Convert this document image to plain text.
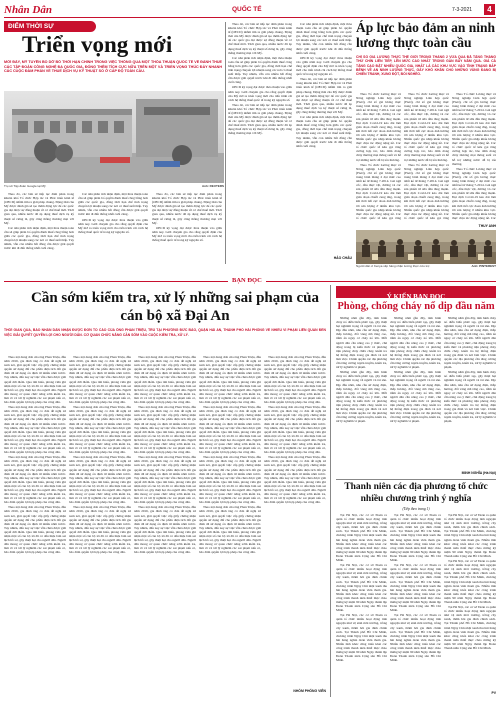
Nhân Dân	QUỐC TẾ	7-3-2021	4
ĐIỂM THỜI SỰ
Triển vọng mới
MỚI ĐÂY, MỸ TUYÊN BỐ DỠ BỎ THỜI HẠN CHÍNH TRONG VIỆC THÔNG QUA MỘT THỎA THUẬN QUỐC TẾ VỀ ĐÁNH THUẾ CÁC TẬP ĐOÀN CÔNG NGHỆ ĐA QUỐC GIA, ĐÓNG THÊM TÍCH CỰC NỮA TRÊN MỘT VÀ TRIỂN VỌNG THÚC ĐẨY NHANH CÁC CUỘC ĐÀM PHÁN VỀ THUẾ DỊCH VỤ KỸ THUẬT SỐ Ở CẤP ĐỘ TOÀN CẦU.
Trụ sở Tập đoàn Google tại Mỹ.	Ảnh: REUTERS

Theo đó, các bên sẽ tiếp tục đàm phán trong khuôn khổ Tổ chức Hợp tác và Phát triển kinh tế (OECD) nhằm tìm ra giải pháp chung. Động thái của Mỹ được đánh giá sẽ tạo thêm động lực để các quốc gia đạt được sự đồng thuận về cơ chế thuế mới. Thời gian qua, nhiều nước đã áp dụng thuế dịch vụ kỹ thuật số riêng lẻ, gây căng thẳng thương mại với Mỹ.

Các nhà phân tích nhận định, một thỏa thuận toàn cầu sẽ giúp phân bổ quyền đánh thuế công bằng hơn giữa các quốc gia, đồng thời hạn chế tình trạng chuyển lợi nhuận sang các nơi có thuế suất thấp. Tuy nhiên, vẫn còn nhiều bất đồng cần được giải quyết trước khi đi đến thống nhất cuối cùng.

Các nhà phân tích nhận định, một thỏa thuận toàn cầu sẽ giúp phân bổ quyền đánh thuế công bằng hơn giữa các quốc gia, đồng thời hạn chế tình trạng chuyển lợi nhuận sang các nơi có thuế suất thấp. Tuy nhiên, vẫn còn nhiều bất đồng cần được giải quyết trước khi đi đến thống nhất cuối cùng.

OECD kỳ vọng đạt được thỏa thuận vào giữa năm nay. Giới chuyên gia cho rằng quyết định của Mỹ mở ra triển vọng mới cho tiến trình cải cách hệ thống thuế quốc tế trong kỷ nguyên số.

Theo đó, các bên sẽ tiếp tục đàm phán trong khuôn khổ Tổ chức Hợp tác và Phát triển kinh tế (OECD) nhằm tìm ra giải pháp chung. Động thái của Mỹ được đánh giá sẽ tạo thêm động lực để các quốc gia đạt được sự đồng thuận về cơ chế thuế mới. Thời gian qua, nhiều nước đã áp dụng thuế dịch vụ kỹ thuật số riêng lẻ, gây căng thẳng thương mại với Mỹ.

OECD kỳ vọng đạt được thỏa thuận vào giữa năm nay. Giới chuyên gia cho rằng quyết định của Mỹ mở ra triển vọng mới cho tiến trình cải cách hệ thống thuế quốc tế trong kỷ nguyên số.

Theo đó, các bên sẽ tiếp tục đàm phán trong khuôn khổ Tổ chức Hợp tác và Phát triển kinh tế (OECD) nhằm tìm ra giải pháp chung. Động thái của Mỹ được đánh giá sẽ tạo thêm động lực để các quốc gia đạt được sự đồng thuận về cơ chế thuế mới. Thời gian qua, nhiều nước đã áp dụng thuế dịch vụ kỹ thuật số riêng lẻ, gây căng thẳng thương mại với Mỹ.

Các nhà phân tích nhận định, một thỏa thuận toàn cầu sẽ giúp phân bổ quyền đánh thuế công bằng hơn giữa các quốc gia, đồng thời hạn chế tình trạng chuyển lợi nhuận sang các nơi có thuế suất thấp. Tuy nhiên, vẫn còn nhiều bất đồng cần được giải quyết trước khi đi đến thống nhất cuối cùng.

OECD kỳ vọng đạt được thỏa thuận vào giữa năm nay. Giới chuyên gia cho rằng quyết định của Mỹ mở ra triển vọng mới cho tiến trình cải cách hệ thống thuế quốc tế trong kỷ nguyên số.

Theo đó, các bên sẽ tiếp tục đàm phán trong khuôn khổ Tổ chức Hợp tác và Phát triển kinh tế (OECD) nhằm tìm ra giải pháp chung. Động thái của Mỹ được đánh giá sẽ tạo thêm động lực để các quốc gia đạt được sự đồng thuận về cơ chế thuế mới. Thời gian qua, nhiều nước đã áp dụng thuế dịch vụ kỹ thuật số riêng lẻ, gây căng thẳng thương mại với Mỹ.

Các nhà phân tích nhận định, một thỏa thuận toàn cầu sẽ giúp phân bổ quyền đánh thuế công bằng hơn giữa các quốc gia, đồng thời hạn chế tình trạng chuyển lợi nhuận sang các nơi có thuế suất thấp. Tuy nhiên, vẫn còn nhiều bất đồng cần được giải quyết trước khi đi đến thống nhất cuối cùng.

OECD kỳ vọng đạt được thỏa thuận vào giữa năm nay. Giới chuyên gia cho rằng quyết định của Mỹ mở ra triển vọng mới cho tiến trình cải cách hệ thống thuế quốc tế trong kỷ nguyên số.

Theo đó, các bên sẽ tiếp tục đàm phán trong khuôn khổ Tổ chức Hợp tác và Phát triển kinh tế (OECD) nhằm tìm ra giải pháp chung. Động thái của Mỹ được đánh giá sẽ tạo thêm động lực để các quốc gia đạt được sự đồng thuận về cơ chế thuế mới. Thời gian qua, nhiều nước đã áp dụng thuế dịch vụ kỹ thuật số riêng lẻ, gây căng thẳng thương mại với Mỹ.

Các nhà phân tích nhận định, một thỏa thuận toàn cầu sẽ giúp phân bổ quyền đánh thuế công bằng hơn giữa các quốc gia, đồng thời hạn chế tình trạng chuyển lợi nhuận sang các nơi có thuế suất thấp. Tuy nhiên, vẫn còn nhiều bất đồng cần được giải quyết trước khi đi đến thống nhất cuối cùng.

HẢO CHÂU
Áp lực bảo đảm an ninh lương thực toàn cầu
CHỈ SỐ GIÁ LƯƠNG THỰC THẾ GIỚI TRONG THÁNG 2 VỪA QUA ĐÃ TĂNG THÁNG THỨ CHÍN LIÊN TIẾP, LÊN MỨC CAO NHẤT TRONG GẦN BẢY NĂM QUA. GIÁ CẢ TĂNG CAO ĐẶT NHIỀU QUỐC GIA, NHẤT LÀ CÁC KHU VỰC VÀO TÌNH TRẠNG BẤP BÊNH VỀ AN NINH LƯƠNG THỰC, GÂY KHÓ KHĂN CHO NHỮNG VÙNG ĐANG BỊ CHIẾN TRANH, XUNG ĐỘT, BỐI NGHÈO.

Theo Tổ chức Lương thực và Nông nghiệp Liên hợp quốc (FAO), chỉ số giá lương thực trung bình tháng 2 đạt mức cao nhất kể từ tháng 7-2014. Giá ngũ cốc, dầu thực vật, đường và các sản phẩm từ sữa đều tăng mạnh. Đại dịch Covid-19 kéo dài làm gián đoạn chuỗi cung ứng, trong khi thời tiết cực đoan ảnh hưởng tới sản lượng ở nhiều khu vực. Nhiều quốc gia nhập khẩu lương thực chịu tác động nặng nề. Các tổ chức quốc tế kêu gọi tăng cường hợp tác, bảo đảm dòng chảy thương mại thông suốt và hỗ trợ những nước dễ bị tổn thương.

Theo Tổ chức Lương thực và Nông nghiệp Liên hợp quốc (FAO), chỉ số giá lương thực trung bình tháng 2 đạt mức cao nhất kể từ tháng 7-2014. Giá ngũ cốc, dầu thực vật, đường và các sản phẩm từ sữa đều tăng mạnh. Đại dịch Covid-19 kéo dài làm gián đoạn chuỗi cung ứng, trong khi thời tiết cực đoan ảnh hưởng tới sản lượng ở nhiều khu vực. Nhiều quốc gia nhập khẩu lương thực chịu tác động nặng nề. Các tổ chức quốc tế kêu gọi tăng

Theo Tổ chức Lương thực và Nông nghiệp Liên hợp quốc (FAO), chỉ số giá lương thực trung bình tháng 2 đạt mức cao nhất kể từ tháng 7-2014. Giá ngũ cốc, dầu thực vật, đường và các sản phẩm từ sữa đều tăng mạnh. Đại dịch Covid-19 kéo dài làm gián đoạn chuỗi cung ứng, trong khi thời tiết cực đoan ảnh hưởng tới sản lượng ở nhiều khu vực. Nhiều quốc gia nhập khẩu lương thực chịu tác động nặng nề. Các tổ chức quốc tế kêu gọi tăng cường hợp tác, bảo đảm dòng chảy thương mại thông suốt và hỗ trợ những nước dễ bị tổn thương.

Theo Tổ chức Lương thực và Nông nghiệp Liên hợp quốc (FAO), chỉ số giá lương thực trung bình tháng 2 đạt mức cao nhất kể từ tháng 7-2014. Giá ngũ cốc, dầu thực vật, đường và các sản phẩm từ sữa đều tăng mạnh. Đại dịch Covid-19 kéo dài làm gián đoạn chuỗi cung ứng, trong khi thời tiết cực đoan ảnh hưởng tới sản lượng ở nhiều khu vực. Nhiều quốc gia nhập khẩu lương thực chịu tác động nặng nề. Các tổ chức quốc tế kêu gọi tăng

Theo Tổ chức Lương thực và Nông nghiệp Liên hợp quốc (FAO), chỉ số giá lương thực trung bình tháng 2 đạt mức cao nhất kể từ tháng 7-2014. Giá ngũ cốc, dầu thực vật, đường và các sản phẩm từ sữa đều tăng mạnh. Đại dịch Covid-19 kéo dài làm gián đoạn chuỗi cung ứng, trong khi thời tiết cực đoan ảnh hưởng tới sản lượng ở nhiều khu vực. Nhiều quốc gia nhập khẩu lương thực chịu tác động nặng nề. Các tổ chức quốc tế kêu gọi tăng cường hợp tác, bảo đảm dòng chảy thương mại thông suốt và hỗ trợ những nước dễ bị tổn thương.

Theo Tổ chức Lương thực và Nông nghiệp Liên hợp quốc (FAO), chỉ số giá lương thực trung bình tháng 2 đạt mức cao nhất kể từ tháng 7-2014. Giá ngũ cốc, dầu thực vật, đường và các sản phẩm từ sữa đều tăng mạnh. Đại dịch Covid-19 kéo dài làm gián đoạn chuỗi cung ứng, trong khi thời tiết cực đoan ảnh hưởng tới sản lượng ở nhiều khu vực. Nhiều quốc gia nhập khẩu lương thực chịu tác động nặng nề. Các

THUY ANH
Người dân ở Kenya xếp hàng nhận lương thực cứu trợ.	Ảnh: PINTEREST
BẠN ĐỌC
Cần sớm kiểm tra, xử lý những sai phạm của cán bộ xã Đại An
THỜI GIAN QUA, BÁO NHÂN DÂN NHẬN ĐƯỢC ĐƠN TỐ CÁO CỦA ÔNG PHAN TRIỆU, TRÚ TẠI PHƯỜNG ĐỨC BẢO, QUẬN HẢI AN, THÀNH PHỐ HẢI PHÒNG VỀ NHIỀU VI PHẠM LIÊN QUAN ĐẾN VIỆC GIẢI QUYẾT QUYỀN LỢI CHO NGƯỜI DÂN. CƠ QUAN CHỨC NĂNG CẦN SỚM VÀO CUỘC KIỂM TRA, XỬ LÝ.

Theo nội dung đơn của ông Phan Triệu, đầu năm 2016, gia đình ông có đơn đề nghị xã xem xét, giải quyết việc cấp giấy chứng nhận quyền sử dụng đất cho phần diện tích đất gia đình đã sử dụng ổn định từ nhiều năm trước. Tuy nhiên, đến nay sự việc vẫn chưa được giải quyết dứt điểm. Qua tìm hiểu, phóng viên ghi nhận một số cán bộ xã đã có dấu hiệu làm sai lệch hồ sơ, gây thiệt hại cho người dân. Người dân mong cơ quan chức năng sớm kiểm tra, làm rõ và xử lý nghiêm các sai phạm nếu có, bảo đảm quyền lợi hợp pháp của công dân.

Theo nội dung đơn của ông Phan Triệu, đầu năm 2016, gia đình ông có đơn đề nghị xã xem xét, giải quyết việc cấp giấy chứng nhận quyền sử dụng đất cho phần diện tích đất gia đình đã sử dụng ổn định từ nhiều năm trước. Tuy nhiên, đến nay sự việc vẫn chưa được giải quyết dứt điểm. Qua tìm hiểu, phóng viên ghi nhận một số cán bộ xã đã có dấu hiệu làm sai lệch hồ sơ, gây thiệt hại cho người dân. Người dân mong cơ quan chức năng sớm kiểm tra, làm rõ và xử lý nghiêm các sai phạm nếu có, bảo đảm quyền lợi hợp pháp của công dân.

Theo nội dung đơn của ông Phan Triệu, đầu năm 2016, gia đình ông có đơn đề nghị xã xem xét, giải quyết việc cấp giấy chứng nhận quyền sử dụng đất cho phần diện tích đất gia đình đã sử dụng ổn định từ nhiều năm trước. Tuy nhiên, đến nay sự việc vẫn chưa được giải quyết dứt điểm. Qua tìm hiểu, phóng viên ghi nhận một số cán bộ xã đã có dấu hiệu làm sai lệch hồ sơ, gây thiệt hại cho người dân. Người dân mong cơ quan chức năng sớm kiểm tra, làm rõ và xử lý nghiêm các sai phạm nếu có, bảo đảm quyền lợi hợp pháp của công dân.

Theo nội dung đơn của ông Phan Triệu, đầu năm 2016, gia đình ông có đơn đề nghị xã xem xét, giải quyết việc cấp giấy chứng nhận quyền sử dụng đất cho phần diện tích đất gia đình đã sử dụng ổn định từ nhiều năm trước. Tuy nhiên, đến nay sự việc vẫn chưa được giải quyết dứt điểm. Qua tìm hiểu, phóng viên ghi nhận một số cán bộ xã đã có dấu hiệu làm sai lệch hồ sơ, gây thiệt hại cho người dân. Người dân mong cơ quan chức năng sớm kiểm tra, làm rõ và xử lý nghiêm các sai phạm nếu có, bảo đảm quyền lợi hợp pháp của công dân.

Theo nội dung đơn của ông Phan Triệu, đầu năm 2016, gia đình ông có đơn đề nghị xã xem xét, giải quyết việc cấp giấy chứng nhận quyền sử dụng đất cho phần diện tích đất gia đình đã sử dụng ổn định từ nhiều năm trước. Tuy nhiên, đến nay sự việc vẫn chưa được giải quyết dứt điểm. Qua tìm hiểu, phóng viên ghi nhận một số cán bộ xã đã có dấu hiệu làm sai lệch hồ sơ, gây thiệt hại cho người dân. Người dân mong cơ quan chức năng sớm kiểm tra, làm rõ và xử lý nghiêm các sai phạm nếu có, bảo đảm quyền lợi hợp pháp của công dân.

Theo nội dung đơn của ông Phan Triệu, đầu năm 2016, gia đình ông có đơn đề nghị xã xem xét, giải quyết việc cấp giấy chứng nhận quyền sử dụng đất cho phần diện tích đất gia đình đã sử dụng ổn định từ nhiều năm trước. Tuy nhiên, đến nay sự việc vẫn chưa được giải quyết dứt điểm. Qua tìm hiểu, phóng viên ghi nhận một số cán bộ xã đã có dấu hiệu làm sai lệch hồ sơ, gây thiệt hại cho người dân. Người dân mong cơ quan chức năng sớm kiểm tra, làm rõ và xử lý nghiêm các sai phạm nếu có, bảo đảm quyền lợi hợp pháp của công dân.

Theo nội dung đơn của ông Phan Triệu, đầu năm 2016, gia đình ông có đơn đề nghị xã xem xét, giải quyết việc cấp giấy chứng nhận quyền sử dụng đất cho phần diện tích đất gia đình đã sử dụng ổn định từ nhiều năm trước. Tuy nhiên, đến nay sự việc vẫn chưa được giải quyết dứt điểm. Qua tìm hiểu, phóng viên ghi nhận một số cán bộ xã đã có dấu hiệu làm sai lệch hồ sơ, gây thiệt hại cho người dân. Người dân mong cơ quan chức năng sớm kiểm tra, làm rõ và xử lý nghiêm các sai phạm nếu có, bảo đảm quyền lợi hợp pháp của công dân.

Theo nội dung đơn của ông Phan Triệu, đầu năm 2016, gia đình ông có đơn đề nghị xã xem xét, giải quyết việc cấp giấy chứng nhận quyền sử dụng đất cho phần diện tích đất gia đình đã sử dụng ổn định từ nhiều năm trước. Tuy nhiên, đến nay sự việc vẫn chưa được giải quyết dứt điểm. Qua tìm hiểu, phóng viên ghi nhận một số cán bộ xã đã có dấu hiệu làm sai lệch hồ sơ, gây thiệt hại cho người dân. Người dân mong cơ quan chức năng sớm kiểm tra, làm rõ và xử lý nghiêm các sai phạm nếu có, bảo đảm quyền lợi hợp pháp của công dân.

Theo nội dung đơn của ông Phan Triệu, đầu năm 2016, gia đình ông có đơn đề nghị xã xem xét, giải quyết việc cấp giấy chứng nhận quyền sử dụng đất cho phần diện tích đất gia đình đã sử dụng ổn định từ nhiều năm trước. Tuy nhiên, đến nay sự việc vẫn chưa được giải quyết dứt điểm. Qua tìm hiểu, phóng viên ghi nhận một số cán bộ xã đã có dấu hiệu làm sai lệch hồ sơ, gây thiệt hại cho người dân. Người dân mong cơ quan chức năng sớm kiểm tra, làm rõ và xử lý nghiêm các sai phạm nếu có, bảo đảm quyền lợi hợp pháp của công dân.

Theo nội dung đơn của ông Phan Triệu, đầu năm 2016, gia đình ông có đơn đề nghị xã xem xét, giải quyết việc cấp giấy chứng nhận quyền sử dụng đất cho phần diện tích đất gia đình đã sử dụng ổn định từ nhiều năm trước. Tuy nhiên, đến nay sự việc vẫn chưa được giải quyết dứt điểm. Qua tìm hiểu, phóng viên ghi nhận một số cán bộ xã đã có dấu hiệu làm sai lệch hồ sơ, gây thiệt hại cho người dân. Người dân mong cơ quan chức năng sớm kiểm tra, làm rõ và xử lý nghiêm các sai phạm nếu có, bảo đảm quyền lợi hợp pháp của công dân.

Theo nội dung đơn của ông Phan Triệu, đầu năm 2016, gia đình ông có đơn đề nghị xã xem xét, giải quyết việc cấp giấy chứng nhận quyền sử dụng đất cho phần diện tích đất gia đình đã sử dụng ổn định từ nhiều năm trước. Tuy nhiên, đến nay sự việc vẫn chưa được giải quyết dứt điểm. Qua tìm hiểu, phóng viên ghi nhận một số cán bộ xã đã có dấu hiệu làm sai lệch hồ sơ, gây thiệt hại cho người dân. Người dân mong cơ quan chức năng sớm kiểm tra, làm rõ và xử lý nghiêm các sai phạm nếu có, bảo đảm quyền lợi hợp pháp của công dân.

Theo nội dung đơn của ông Phan Triệu, đầu năm 2016, gia đình ông có đơn đề nghị xã xem xét, giải quyết việc cấp giấy chứng nhận quyền sử dụng đất cho phần diện tích đất gia đình đã sử dụng ổn định từ nhiều năm trước. Tuy nhiên, đến nay sự việc vẫn chưa được giải quyết dứt điểm. Qua tìm hiểu, phóng viên ghi nhận một số cán bộ xã đã có dấu hiệu làm sai lệch hồ sơ, gây thiệt hại cho người dân. Người dân mong cơ quan chức năng sớm kiểm tra, làm rõ và xử lý nghiêm các sai phạm nếu có, bảo đảm quyền lợi hợp pháp của công dân.

Theo nội dung đơn của ông Phan Triệu, đầu năm 2016, gia đình ông có đơn đề nghị xã xem xét, giải quyết việc cấp giấy chứng nhận quyền sử dụng đất cho phần diện tích đất gia đình đã sử dụng ổn định từ nhiều năm trước. Tuy nhiên, đến nay sự việc vẫn chưa được giải quyết dứt điểm. Qua tìm hiểu, phóng viên ghi nhận một số cán bộ xã đã có dấu hiệu làm sai lệch hồ sơ, gây thiệt hại cho người dân. Người dân mong cơ quan chức năng sớm kiểm tra, làm rõ và xử lý nghiêm các sai phạm nếu có, bảo đảm quyền lợi hợp pháp của công dân.

Theo nội dung đơn của ông Phan Triệu, đầu năm 2016, gia đình ông có đơn đề nghị xã xem xét, giải quyết việc cấp giấy chứng nhận quyền sử dụng đất cho phần diện tích đất gia đình đã sử dụng ổn định từ nhiều năm trước. Tuy nhiên, đến nay sự việc vẫn chưa được giải quyết dứt điểm. Qua tìm hiểu, phóng viên ghi nhận một số cán bộ xã đã có dấu hiệu làm sai lệch hồ sơ, gây thiệt hại cho người dân. Người dân mong cơ quan chức năng sớm kiểm tra, làm rõ và xử lý nghiêm các sai phạm nếu có, bảo đảm quyền lợi hợp pháp của công dân.

Theo nội dung đơn của ông Phan Triệu, đầu năm 2016, gia đình ông có đơn đề nghị xã xem xét, giải quyết việc cấp giấy chứng nhận quyền sử dụng đất cho phần diện tích đất gia đình đã sử dụng ổn định từ nhiều năm trước. Tuy nhiên, đến nay sự việc vẫn chưa được giải quyết dứt điểm. Qua tìm hiểu, phóng viên ghi nhận một số cán bộ xã đã có dấu hiệu làm sai lệch hồ sơ, gây thiệt hại cho người dân. Người dân mong cơ quan chức năng sớm kiểm tra, làm rõ và xử lý nghiêm các sai phạm nếu có, bảo đảm quyền lợi hợp pháp của công dân.

Theo nội dung đơn của ông Phan Triệu, đầu năm 2016, gia đình ông có đơn đề nghị xã xem xét, giải quyết việc cấp giấy chứng nhận quyền sử dụng đất cho phần diện tích đất gia đình đã sử dụng ổn định từ nhiều năm trước. Tuy nhiên, đến nay sự việc vẫn chưa được giải quyết dứt điểm. Qua tìm hiểu, phóng viên ghi nhận một số cán bộ xã đã có dấu hiệu làm sai lệch hồ sơ, gây thiệt hại cho người dân. Người dân mong cơ quan chức năng sớm kiểm tra, làm rõ và xử lý nghiêm các sai phạm nếu có, bảo đảm quyền lợi hợp pháp của công dân.

Theo nội dung đơn của ông Phan Triệu, đầu năm 2016, gia đình ông có đơn đề nghị xã xem xét, giải quyết việc cấp giấy chứng nhận quyền sử dụng đất cho phần diện tích đất gia đình đã sử dụng ổn định từ nhiều năm trước. Tuy nhiên, đến nay sự việc vẫn chưa được giải quyết dứt điểm. Qua tìm hiểu, phóng viên ghi nhận một số cán bộ xã đã có dấu hiệu làm sai lệch hồ sơ, gây thiệt hại cho người dân. Người dân mong cơ quan chức năng sớm kiểm tra, làm rõ và xử lý nghiêm các sai phạm nếu có, bảo đảm quyền lợi hợp pháp của công dân.

Theo nội dung đơn của ông Phan Triệu, đầu năm 2016, gia đình ông có đơn đề nghị xã xem xét, giải quyết việc cấp giấy chứng nhận quyền sử dụng đất cho phần diện tích đất gia đình đã sử dụng ổn định từ nhiều năm trước. Tuy nhiên, đến nay sự việc vẫn chưa được giải quyết dứt điểm. Qua tìm hiểu, phóng viên ghi nhận một số cán bộ xã đã có dấu hiệu làm sai lệch hồ sơ, gây thiệt hại cho người dân. Người dân mong cơ quan chức năng sớm kiểm tra, làm rõ và xử lý nghiêm các sai phạm nếu có, bảo đảm quyền lợi hợp pháp của công dân.

Theo nội dung đơn của ông Phan Triệu, đầu năm 2016, gia đình ông có đơn đề nghị xã xem xét, giải quyết việc cấp giấy chứng nhận quyền sử dụng đất cho phần diện tích đất gia đình đã sử dụng ổn định từ nhiều năm trước. Tuy nhiên, đến nay sự việc vẫn chưa được giải quyết dứt điểm. Qua tìm hiểu, phóng viên ghi nhận một số cán bộ xã đã có dấu hiệu làm sai lệch hồ sơ, gây thiệt hại cho người dân. Người dân mong cơ quan chức năng sớm kiểm tra, làm rõ và xử lý nghiêm các sai phạm nếu có, bảo đảm quyền lợi hợp pháp của công dân.

NHÓM PHÓNG VIÊN
Ý KIẾN BẠN ĐỌC
Phòng, chống cháy nổ dịp đầu năm

Những năm gần đây, tình hình cháy nổ diễn biến phức tạp, gây thiệt hại nghiêm trọng về người và tài sản. Dịp đầu năm, nhu cầu sử dụng điện, thắp hương, đốt vàng mã tăng cao, tiềm ẩn nguy cơ cháy nổ lớn. Mỗi người dân cần nâng cao ý thức, chủ động trang bị kiến thức và phương tiện phòng cháy chữa cháy, kiểm tra hệ thống điện trong gia đình và nơi làm việc. Chính quyền các địa phương cần tăng cường tuyên truyền, kiểm tra, xử lý nghiêm vi phạm.

Những năm gần đây, tình hình cháy nổ diễn biến phức tạp, gây thiệt hại nghiêm trọng về người và tài sản. Dịp đầu năm, nhu cầu sử dụng điện, thắp hương, đốt vàng mã tăng cao, tiềm ẩn nguy cơ cháy nổ lớn. Mỗi người dân cần nâng cao ý thức, chủ động trang bị kiến thức và phương tiện phòng cháy chữa cháy, kiểm tra hệ thống điện trong gia đình và nơi làm việc. Chính quyền các địa phương cần tăng cường tuyên truyền, kiểm tra, xử lý nghiêm vi phạm.

Những năm gần đây, tình hình cháy nổ diễn biến phức tạp, gây thiệt hại nghiêm trọng về người và tài sản. Dịp đầu năm, nhu cầu sử dụng điện, thắp hương, đốt vàng mã tăng cao, tiềm ẩn nguy cơ cháy nổ lớn. Mỗi người dân cần nâng cao ý thức, chủ động trang bị kiến thức và phương tiện phòng cháy chữa cháy, kiểm tra hệ thống điện trong gia đình và nơi làm việc. Chính quyền các địa phương cần tăng cường tuyên truyền, kiểm tra, xử lý nghiêm vi phạm.

Những năm gần đây, tình hình cháy nổ diễn biến phức tạp, gây thiệt hại nghiêm trọng về người và tài sản. Dịp đầu năm, nhu cầu sử dụng điện, thắp hương, đốt vàng mã tăng cao, tiềm ẩn nguy cơ cháy nổ lớn. Mỗi người dân cần nâng cao ý thức, chủ động trang bị kiến thức và phương tiện phòng cháy chữa cháy, kiểm tra hệ thống điện trong gia đình và nơi làm việc. Chính quyền các địa phương cần tăng cường tuyên truyền, kiểm tra, xử lý nghiêm vi phạm.

Những năm gần đây, tình hình cháy nổ diễn biến phức tạp, gây thiệt hại nghiêm trọng về người và tài sản. Dịp đầu năm, nhu cầu sử dụng điện, thắp hương, đốt vàng mã tăng cao, tiềm ẩn nguy cơ cháy nổ lớn. Mỗi người dân cần nâng cao ý thức, chủ động trang bị kiến thức và phương tiện phòng cháy chữa cháy, kiểm tra hệ thống điện trong gia đình và nơi làm việc. Chính quyền các địa phương cần tăng cường tuyên truyền, kiểm tra, xử lý nghiêm vi phạm.

Những năm gần đây, tình hình cháy nổ diễn biến phức tạp, gây thiệt hại nghiêm trọng về người và tài sản. Dịp đầu năm, nhu cầu sử dụng điện, thắp hương, đốt vàng mã tăng cao, tiềm ẩn nguy cơ cháy nổ lớn. Mỗi người dân cần nâng cao ý thức, chủ động trang bị kiến thức và phương tiện phòng cháy chữa cháy, kiểm tra hệ thống điện trong gia đình và nơi làm việc. Chính quyền các địa phương cần tăng cường tuyên truyền, kiểm tra, xử lý nghiêm vi phạm.

MINH NGHĨA (Hà Nội)
Thanh niên các địa phương tổ chức nhiều chương trình ý nghĩa
(Tiếp theo trang 1)

Tại Hà Nội, các cơ sở Đoàn ra quân tổ chức nhiều hoạt động tình nguyện như vệ sinh môi trường, trồng cây xanh, thăm hỏi gia đình chính sách. Tại Thành phố Hồ Chí Minh, chương trình Ngày Chủ nhật xanh thu hút hàng nghìn đoàn viên tham gia. Nhiều tỉnh khác cũng triển khai các công trình thanh niên thiết thực chào mừng kỷ niệm 90 năm Ngày thành lập Đoàn Thanh niên Cộng sản Hồ Chí Minh.

Tại Hà Nội, các cơ sở Đoàn ra quân tổ chức nhiều hoạt động tình nguyện như vệ sinh môi trường, trồng cây xanh, thăm hỏi gia đình chính sách. Tại Thành phố Hồ Chí Minh, chương trình Ngày Chủ nhật xanh thu hút hàng nghìn đoàn viên tham gia. Nhiều tỉnh khác cũng triển khai các công trình thanh niên thiết thực chào mừng kỷ niệm 90 năm Ngày thành lập Đoàn Thanh niên Cộng sản Hồ Chí Minh.

Tại Hà Nội, các cơ sở Đoàn ra quân tổ chức nhiều hoạt động tình nguyện như vệ sinh môi trường, trồng cây xanh, thăm hỏi gia đình chính sách. Tại Thành phố Hồ Chí Minh, chương trình Ngày Chủ nhật xanh thu hút hàng nghìn đoàn viên tham gia. Nhiều tỉnh khác cũng triển khai các công trình thanh niên thiết thực chào mừng kỷ niệm 90 năm Ngày thành lập Đoàn Thanh niên Cộng sản Hồ Chí Minh.

Tại Hà Nội, các cơ sở Đoàn ra quân tổ chức nhiều hoạt động tình nguyện như vệ sinh môi trường, trồng cây xanh, thăm hỏi gia đình chính sách. Tại Thành phố Hồ Chí Minh, chương trình Ngày Chủ nhật xanh thu hút hàng nghìn đoàn viên tham gia. Nhiều tỉnh khác cũng triển khai các công trình thanh niên thiết thực chào mừng kỷ niệm 90 năm Ngày thành lập Đoàn Thanh niên Cộng sản Hồ Chí Minh.

Tại Hà Nội, các cơ sở Đoàn ra quân tổ chức nhiều hoạt động tình nguyện như vệ sinh môi trường, trồng cây xanh, thăm hỏi gia đình chính sách. Tại Thành phố Hồ Chí Minh, chương trình Ngày Chủ nhật xanh thu hút hàng nghìn đoàn viên tham gia. Nhiều tỉnh khác cũng triển khai các công trình thanh niên thiết thực chào mừng kỷ niệm 90 năm Ngày thành lập Đoàn Thanh niên Cộng sản Hồ Chí Minh.

Tại Hà Nội, các cơ sở Đoàn ra quân tổ chức nhiều hoạt động tình nguyện như vệ sinh môi trường, trồng cây xanh, thăm hỏi gia đình chính sách. Tại Thành phố Hồ Chí Minh, chương trình Ngày Chủ nhật xanh thu hút hàng nghìn đoàn viên tham gia. Nhiều tỉnh khác cũng triển khai các công trình thanh niên thiết thực chào mừng kỷ niệm 90 năm Ngày thành lập Đoàn Thanh niên Cộng sản Hồ Chí Minh.

Tại Hà Nội, các cơ sở Đoàn ra quân tổ chức nhiều hoạt động tình nguyện như vệ sinh môi trường, trồng cây xanh, thăm hỏi gia đình chính sách. Tại Thành phố Hồ Chí Minh, chương trình Ngày Chủ nhật xanh thu hút hàng nghìn đoàn viên tham gia. Nhiều tỉnh khác cũng triển khai các công trình thanh niên thiết thực chào mừng kỷ niệm 90 năm Ngày thành lập Đoàn Thanh niên Cộng sản Hồ Chí Minh.

Tại Hà Nội, các cơ sở Đoàn ra quân tổ chức nhiều hoạt động tình nguyện như vệ sinh môi trường, trồng cây xanh, thăm hỏi gia đình chính sách. Tại Thành phố Hồ Chí Minh, chương trình Ngày Chủ nhật xanh thu hút hàng nghìn đoàn viên tham gia. Nhiều tỉnh khác cũng triển khai các công trình thanh niên thiết thực chào mừng kỷ niệm 90 năm Ngày thành lập Đoàn Thanh niên Cộng sản Hồ Chí Minh.

Tại Hà Nội, các cơ sở Đoàn ra quân tổ chức nhiều hoạt động tình nguyện như vệ sinh môi trường, trồng cây xanh, thăm hỏi gia đình chính sách. Tại Thành phố Hồ Chí Minh, chương trình Ngày Chủ nhật xanh thu hút hàng nghìn đoàn viên tham gia. Nhiều tỉnh khác cũng triển khai các công trình thanh niên thiết thực chào mừng kỷ niệm 90 năm Ngày thành lập Đoàn Thanh niên Cộng sản Hồ Chí Minh.

PV
